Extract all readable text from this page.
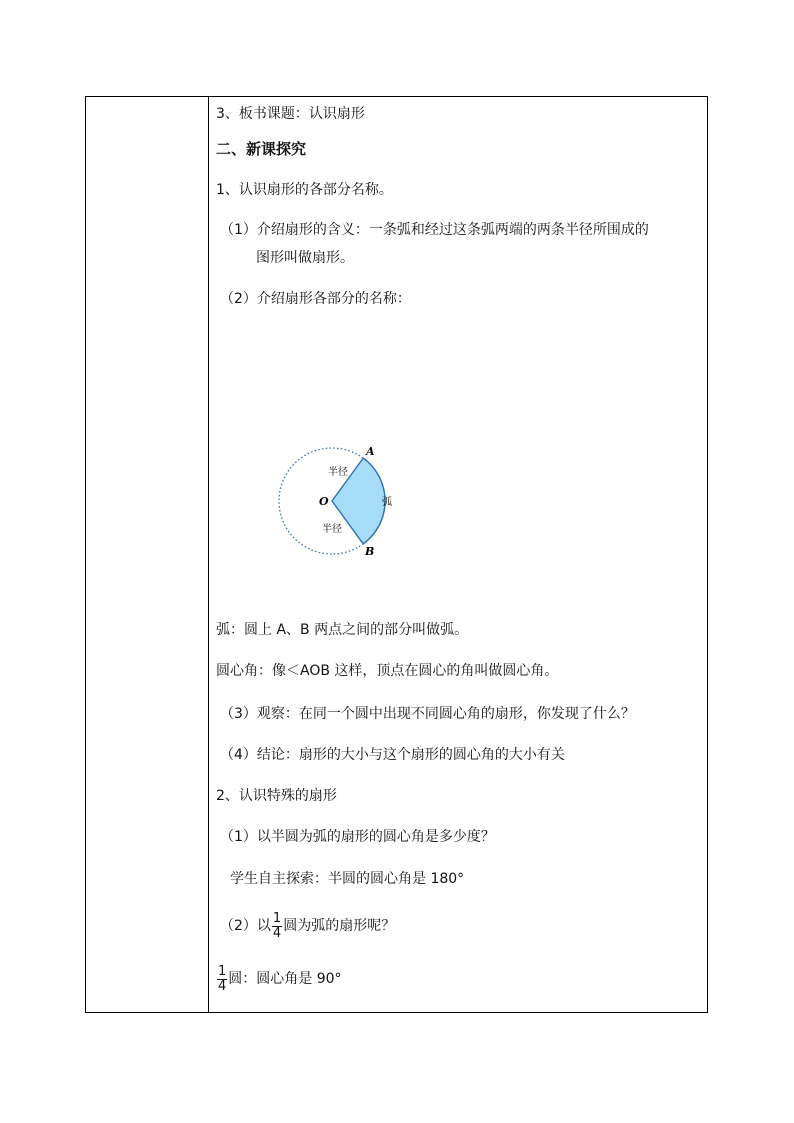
3、板书课题：认识扇形
二、新课探究
1、认识扇形的各部分名称。
（1）介绍扇形的含义：一条弧和经过这条弧两端的两条半径所围成的
图形叫做扇形。
（2）介绍扇形各部分的名称：
A
B
O
半径
半径
弧
弧：圆上 A、B 两点之间的部分叫做弧。
圆心角：像＜AOB 这样，顶点在圆心的角叫做圆心角。
（3）观察：在同一个圆中出现不同圆心角的扇形，你发现了什么？
（4）结论：扇形的大小与这个扇形的圆心角的大小有关
2、认识特殊的扇形
（1）以半圆为弧的扇形的圆心角是多少度？
学生自主探索：半圆的圆心角是 180°
（2）以 $\frac{1}{4}$ 圆为弧的扇形呢？
$\frac{1}{4}$ 圆：圆心角是 90°
